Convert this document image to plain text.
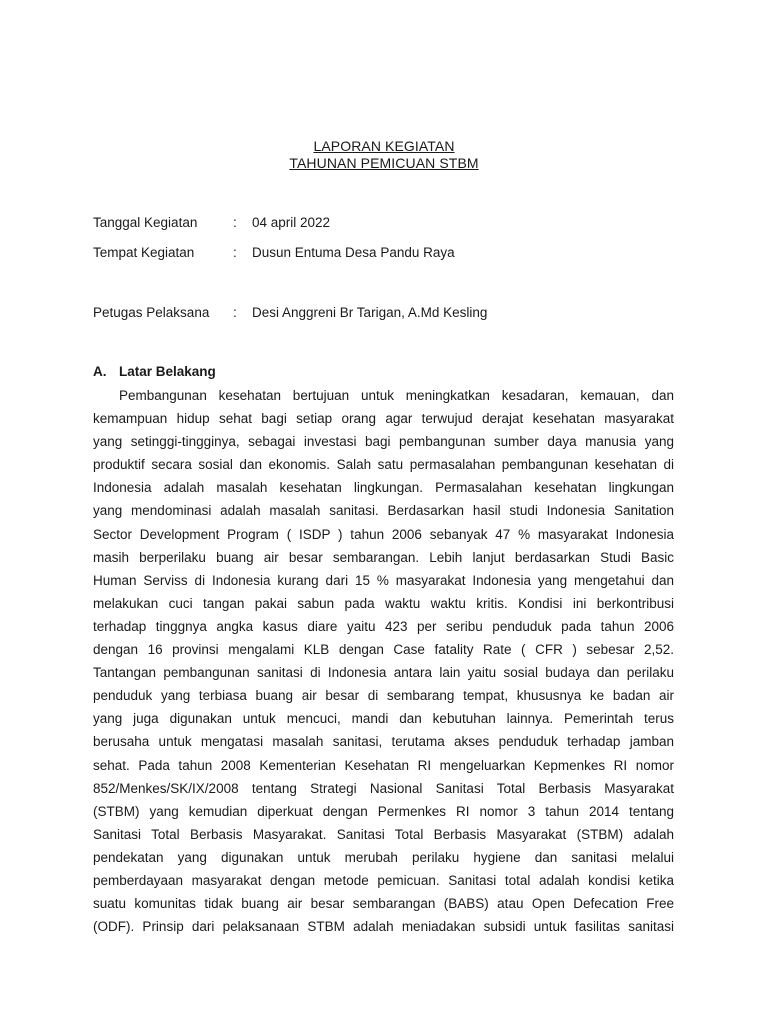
LAPORAN KEGIATAN
TAHUNAN PEMICUAN STBM
Tanggal Kegiatan	: 04 april 2022
Tempat Kegiatan	: Dusun Entuma Desa Pandu Raya
Petugas Pelaksana : Desi Anggreni Br Tarigan, A.Md Kesling
A. Latar Belakang
Pembangunan kesehatan bertujuan untuk meningkatkan kesadaran, kemauan, dan
kemampuan hidup sehat bagi setiap orang agar terwujud derajat kesehatan masyarakat
yang setinggi-tingginya, sebagai investasi bagi pembangunan sumber daya manusia yang
produktif secara sosial dan ekonomis. Salah satu permasalahan pembangunan kesehatan di
Indonesia adalah masalah kesehatan lingkungan. Permasalahan kesehatan lingkungan
yang mendominasi adalah masalah sanitasi. Berdasarkan hasil studi Indonesia Sanitation
Sector Development Program ( ISDP ) tahun 2006 sebanyak 47 % masyarakat Indonesia
masih berperilaku buang air besar sembarangan. Lebih lanjut berdasarkan Studi Basic
Human Serviss di Indonesia kurang dari 15 % masyarakat Indonesia yang mengetahui dan
melakukan cuci tangan pakai sabun pada waktu waktu kritis. Kondisi ini berkontribusi
terhadap tinggnya angka kasus diare yaitu 423 per seribu penduduk pada tahun 2006
dengan 16 provinsi mengalami KLB dengan Case fatality Rate ( CFR ) sebesar 2,52.
Tantangan pembangunan sanitasi di Indonesia antara lain yaitu sosial budaya dan perilaku
penduduk yang terbiasa buang air besar di sembarang tempat, khususnya ke badan air
yang juga digunakan untuk mencuci, mandi dan kebutuhan lainnya. Pemerintah terus
berusaha untuk mengatasi masalah sanitasi, terutama akses penduduk terhadap jamban
sehat. Pada tahun 2008 Kementerian Kesehatan RI mengeluarkan Kepmenkes RI nomor
852/Menkes/SK/IX/2008 tentang Strategi Nasional Sanitasi Total Berbasis Masyarakat
(STBM) yang kemudian diperkuat dengan Permenkes RI nomor 3 tahun 2014 tentang
Sanitasi Total Berbasis Masyarakat. Sanitasi Total Berbasis Masyarakat (STBM) adalah
pendekatan yang digunakan untuk merubah perilaku hygiene dan sanitasi melalui
pemberdayaan masyarakat dengan metode pemicuan. Sanitasi total adalah kondisi ketika
suatu komunitas tidak buang air besar sembarangan (BABS) atau Open Defecation Free
(ODF). Prinsip dari pelaksanaan STBM adalah meniadakan subsidi untuk fasilitas sanitasi
